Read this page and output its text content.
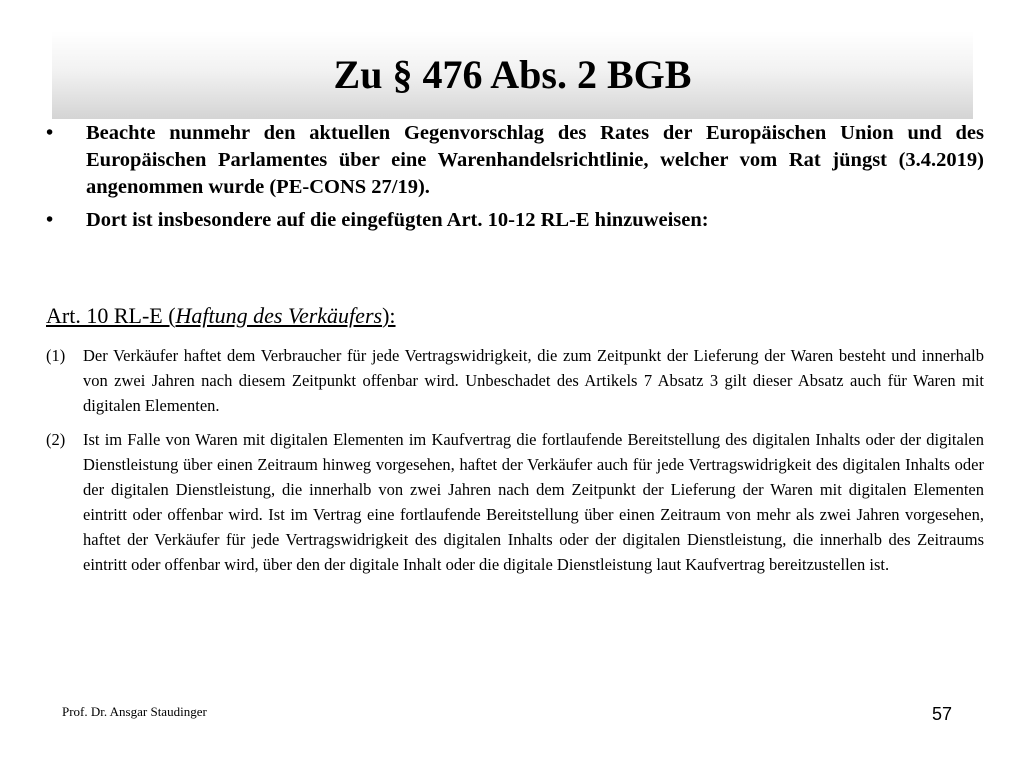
Zu § 476 Abs. 2 BGB
• Beachte nunmehr den aktuellen Gegenvorschlag des Rates der Europäischen Union und des Europäischen Parlamentes über eine Warenhandelsrichtlinie, welcher vom Rat jüngst (3.4.2019) angenommen wurde (PE-CONS 27/19).
• Dort ist insbesondere auf die eingefügten Art. 10-12 RL-E hinzuweisen:
Art. 10 RL-E (Haftung des Verkäufers):
(1) Der Verkäufer haftet dem Verbraucher für jede Vertragswidrigkeit, die zum Zeitpunkt der Lieferung der Waren besteht und innerhalb von zwei Jahren nach diesem Zeitpunkt offenbar wird. Unbeschadet des Artikels 7 Absatz 3 gilt dieser Absatz auch für Waren mit digitalen Elementen.
(2) Ist im Falle von Waren mit digitalen Elementen im Kaufvertrag die fortlaufende Bereitstellung des digitalen Inhalts oder der digitalen Dienstleistung über einen Zeitraum hinweg vorgesehen, haftet der Verkäufer auch für jede Vertragswidrigkeit des digitalen Inhalts oder der digitalen Dienstleistung, die innerhalb von zwei Jahren nach dem Zeitpunkt der Lieferung der Waren mit digitalen Elementen eintritt oder offenbar wird. Ist im Vertrag eine fortlaufende Bereitstellung über einen Zeitraum von mehr als zwei Jahren vorgesehen, haftet der Verkäufer für jede Vertragswidrigkeit des digitalen Inhalts oder der digitalen Dienstleistung, die innerhalb des Zeitraums eintritt oder offenbar wird, über den der digitale Inhalt oder die digitale Dienstleistung laut Kaufvertrag bereitzustellen ist.
Prof. Dr. Ansgar Staudinger	57
